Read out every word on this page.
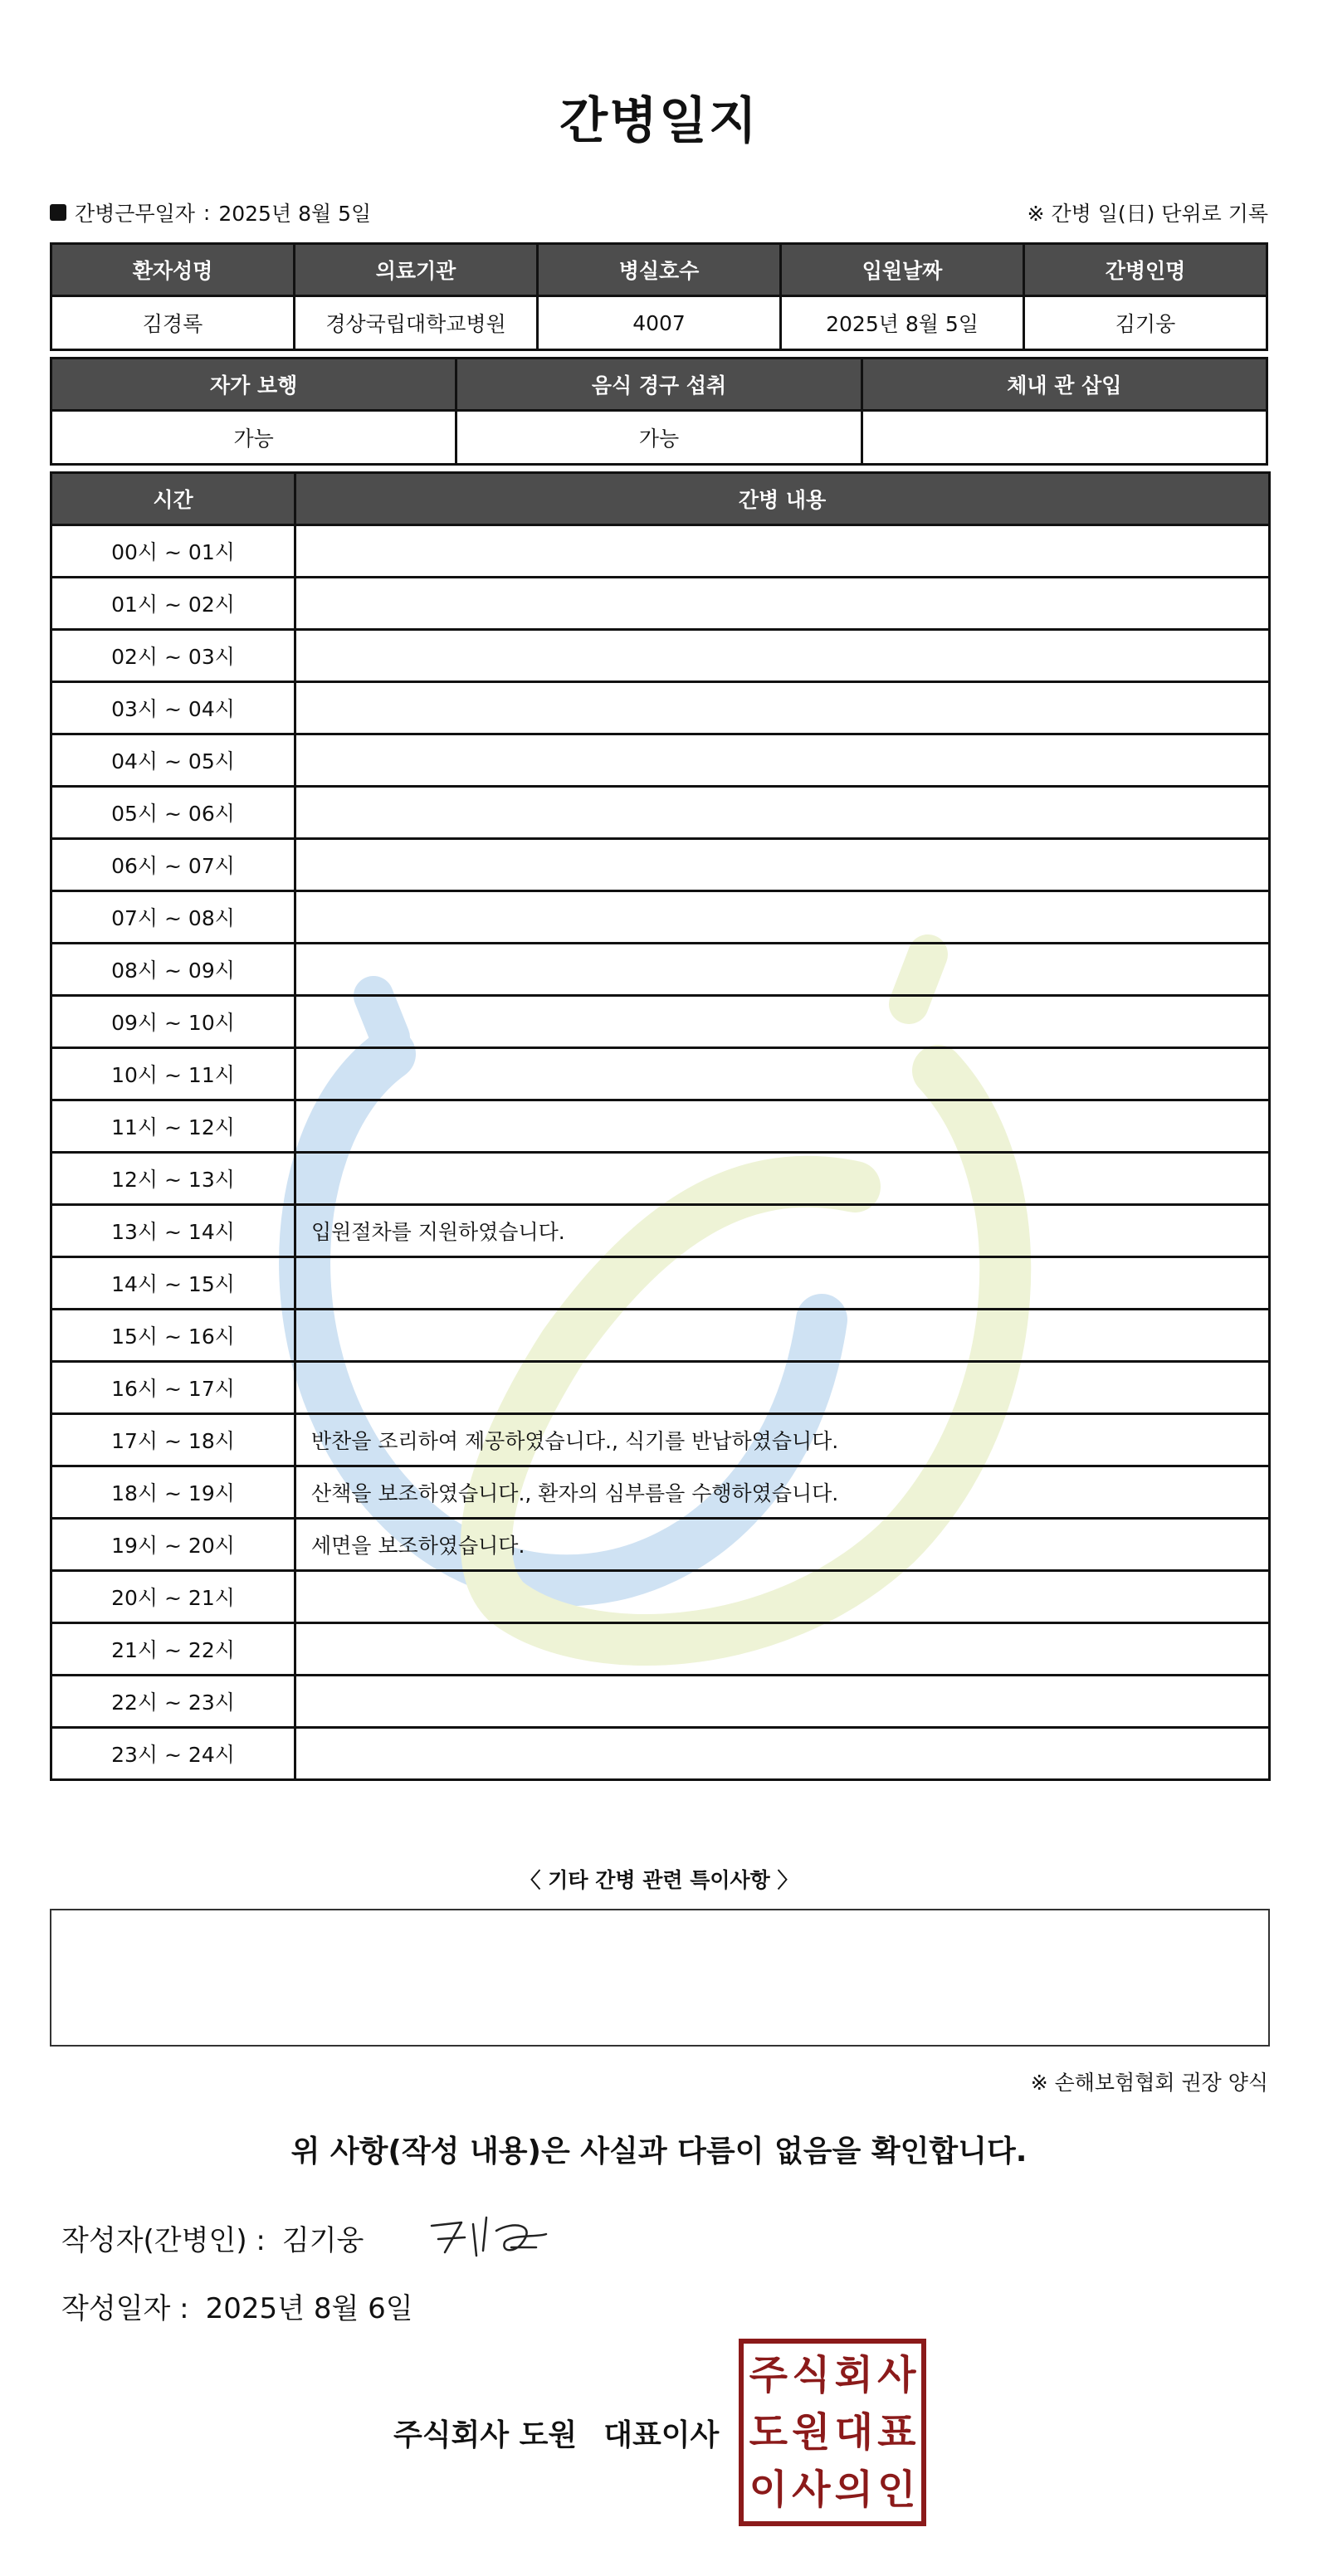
간병일지
간병근무일자 : 2025년 8월 5일	※ 간병 일(日) 단위로 기록
환자성명	의료기관	병실호수	입원날짜	간병인명
김경록	경상국립대학교병원	4007	2025년 8월 5일	김기웅
자가 보행	음식 경구 섭취	체내 관 삽입
가능	가능	
시간	간병 내용
00시 ~ 01시	
01시 ~ 02시	
02시 ~ 03시	
03시 ~ 04시	
04시 ~ 05시	
05시 ~ 06시	
06시 ~ 07시	
07시 ~ 08시	
08시 ~ 09시	
09시 ~ 10시	
10시 ~ 11시	
11시 ~ 12시	
12시 ~ 13시	
13시 ~ 14시	입원절차를 지원하였습니다.
14시 ~ 15시	
15시 ~ 16시	
16시 ~ 17시	
17시 ~ 18시	반찬을 조리하여 제공하였습니다., 식기를 반납하였습니다.
18시 ~ 19시	산책을 보조하였습니다., 환자의 심부름을 수행하였습니다.
19시 ~ 20시	세면을 보조하였습니다.
20시 ~ 21시	
21시 ~ 22시	
22시 ~ 23시	
23시 ~ 24시	
〈 기타 간병 관련 특이사항 〉
※ 손해보험협회 권장 양식
위 사항(작성 내용)은 사실과 다름이 없음을 확인합니다.
작성자(간병인) : 김기웅
작성일자 : 2025년 8월 6일
주식회사 도원 대표이사
주 식 회 사
도 원 대 표
이 사 의 인
